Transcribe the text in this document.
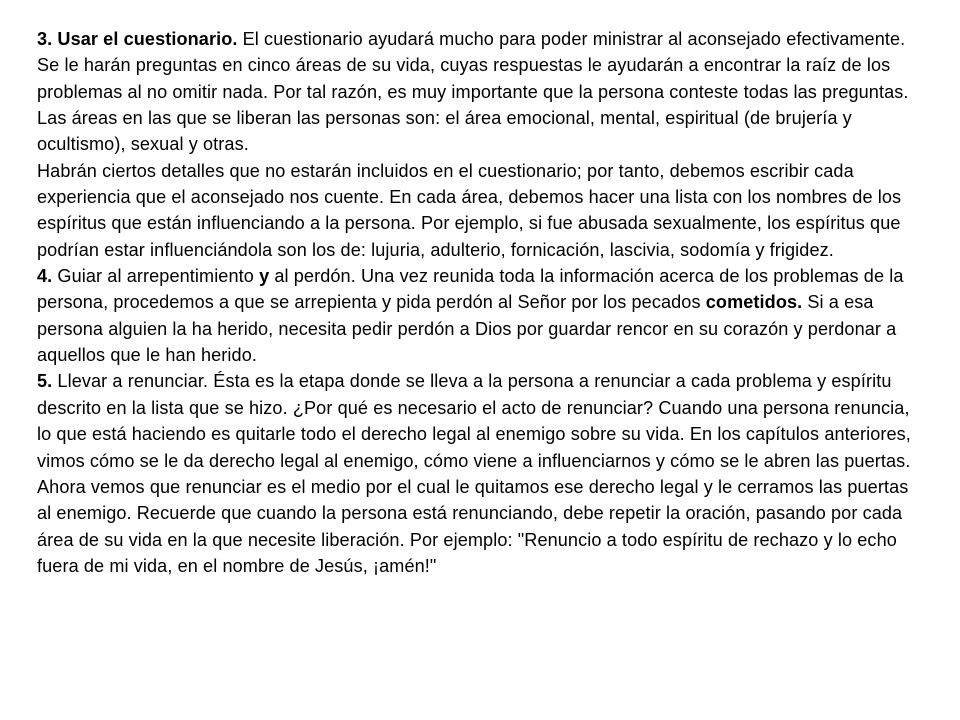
3. Usar el cuestionario. El cuestionario ayudará mucho para poder ministrar al aconsejado efectivamente. Se le harán preguntas en cinco áreas de su vida, cuyas respuestas le ayudarán a encontrar la raíz de los problemas al no omitir nada. Por tal razón, es muy importante que la persona conteste todas las preguntas.

Las áreas en las que se liberan las personas son: el área emocional, mental, espiritual (de brujería y ocultismo), sexual y otras.

Habrán ciertos detalles que no estarán incluidos en el cuestionario; por tanto, debemos escribir cada experiencia que el aconsejado nos cuente. En cada área, debemos hacer una lista con los nombres de los espíritus que están influenciando a la persona. Por ejemplo, si fue abusada sexualmente, los espíritus que podrían estar influenciándola son los de: lujuria, adulterio, fornicación, lascivia, sodomía y frigidez.

4. Guiar al arrepentimiento y al perdón. Una vez reunida toda la información acerca de los problemas de la persona, procedemos a que se arrepienta y pida perdón al Señor por los pecados cometidos. Si a esa persona alguien la ha herido, necesita pedir perdón a Dios por guardar rencor en su corazón y perdonar a aquellos que le han herido.

5. Llevar a renunciar. Ésta es la etapa donde se lleva a la persona a renunciar a cada problema y espíritu descrito en la lista que se hizo. ¿Por qué es necesario el acto de renunciar? Cuando una persona renuncia, lo que está haciendo es quitarle todo el derecho legal al enemigo sobre su vida. En los capítulos anteriores, vimos cómo se le da derecho legal al enemigo, cómo viene a influenciarnos y cómo se le abren las puertas. Ahora vemos que renunciar es el medio por el cual le quitamos ese derecho legal y le cerramos las puertas al enemigo. Recuerde que cuando la persona está renunciando, debe repetir la oración, pasando por cada área de su vida en la que necesite liberación. Por ejemplo: "Renuncio a todo espíritu de rechazo y lo echo fuera de mi vida, en el nombre de Jesús, ¡amén!"
